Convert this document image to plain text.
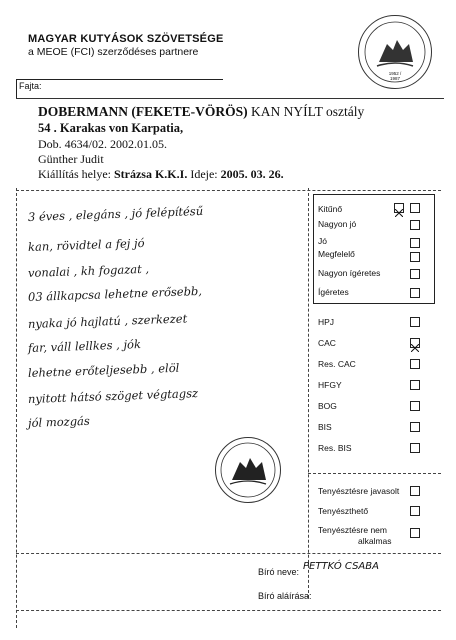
MAGYAR KUTYÁSOK SZÖVETSÉGE
a MEOE (FCI) szerződéses partnere
1952 / 1987
Fajta:
DOBERMANN (FEKETE-VÖRÖS) KAN NYÍLT osztály
54 . Karakas von Karpatia,
Dob. 4634/02. 2002.01.05.
Günther Judit
Kiállítás helye: Strázsa K.K.I. Ideje: 2005. 03. 26.
3 éves , elegáns , jó felépítésű
kan, rövidtel a fej jó
vonalai , kh fogazat ,
03 állkapcsa lehetne erősebb,
nyaka jó hajlatú , szerkezet
far, váll lellkes , jók
lehetne erőteljesebb , elöl
nyitott hátsó szöget végtagsz
jól mozgás
Kitűnő
Nagyon jó
Jó
Megfelelő
Nagyon ígéretes
Ígéretes
HPJ
CAC
Res. CAC
HFGY
BOG
BIS
Res. BIS
Tenyésztésre javasolt
Tenyészthető
Tenyésztésre nem
alkalmas
Bíró neve: PETTKÓ CSABA
Bíró aláírása:
